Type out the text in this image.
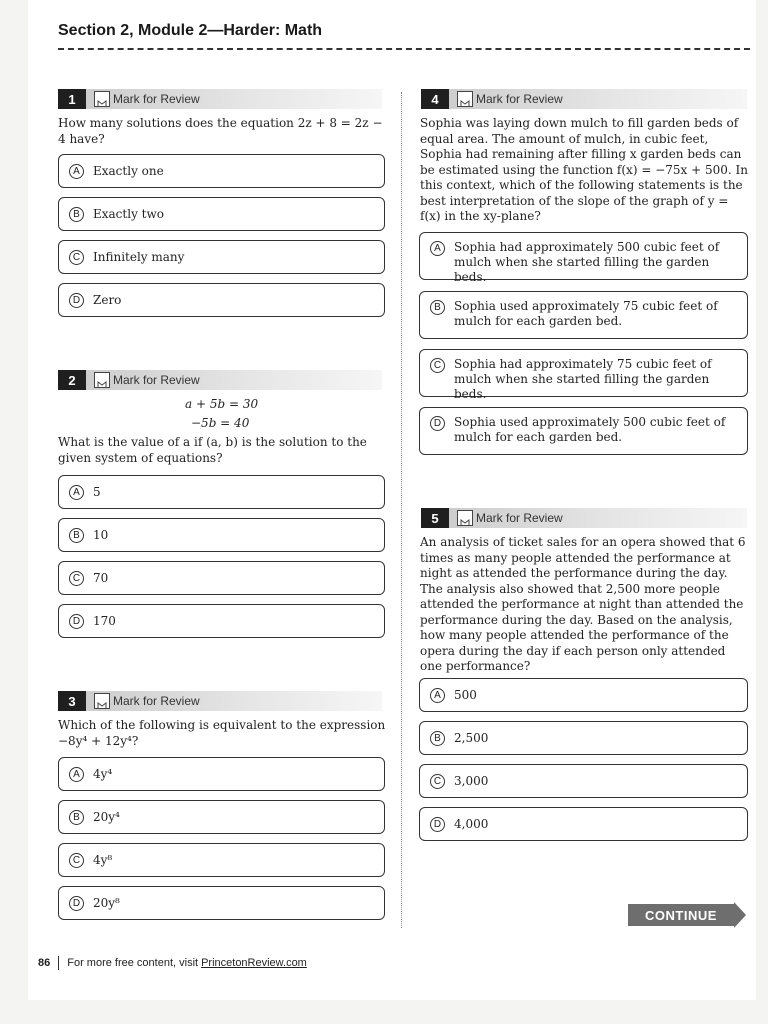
Section 2, Module 2—Harder: Math
1	Mark for Review
How many solutions does the equation 2z + 8 = 2z − 4 have?
A	Exactly one
B	Exactly two
C	Infinitely many
D	Zero
2	Mark for Review
a + 5b = 30
−5b = 40
What is the value of a if (a, b) is the solution to the given system of equations?
A	5
B	10
C	70
D	170
3	Mark for Review
Which of the following is equivalent to the expression −8y⁴ + 12y⁴?
A	4y⁴
B	20y⁴
C	4y⁸
D	20y⁸
4	Mark for Review
Sophia was laying down mulch to fill garden beds of equal area. The amount of mulch, in cubic feet, Sophia had remaining after filling x garden beds can be estimated using the function f(x) = −75x + 500. In this context, which of the following statements is the best interpretation of the slope of the graph of y = f(x) in the xy-plane?
A	Sophia had approximately 500 cubic feet of mulch when she started filling the garden beds.
B	Sophia used approximately 75 cubic feet of mulch for each garden bed.
C	Sophia had approximately 75 cubic feet of mulch when she started filling the garden beds.
D	Sophia used approximately 500 cubic feet of mulch for each garden bed.
5	Mark for Review
An analysis of ticket sales for an opera showed that 6 times as many people attended the performance at night as attended the performance during the day. The analysis also showed that 2,500 more people attended the performance at night than attended the performance during the day. Based on the analysis, how many people attended the performance of the opera during the day if each person only attended one performance?
A	500
B	2,500
C	3,000
D	4,000
CONTINUE
86 For more free content, visit PrincetonReview.com
